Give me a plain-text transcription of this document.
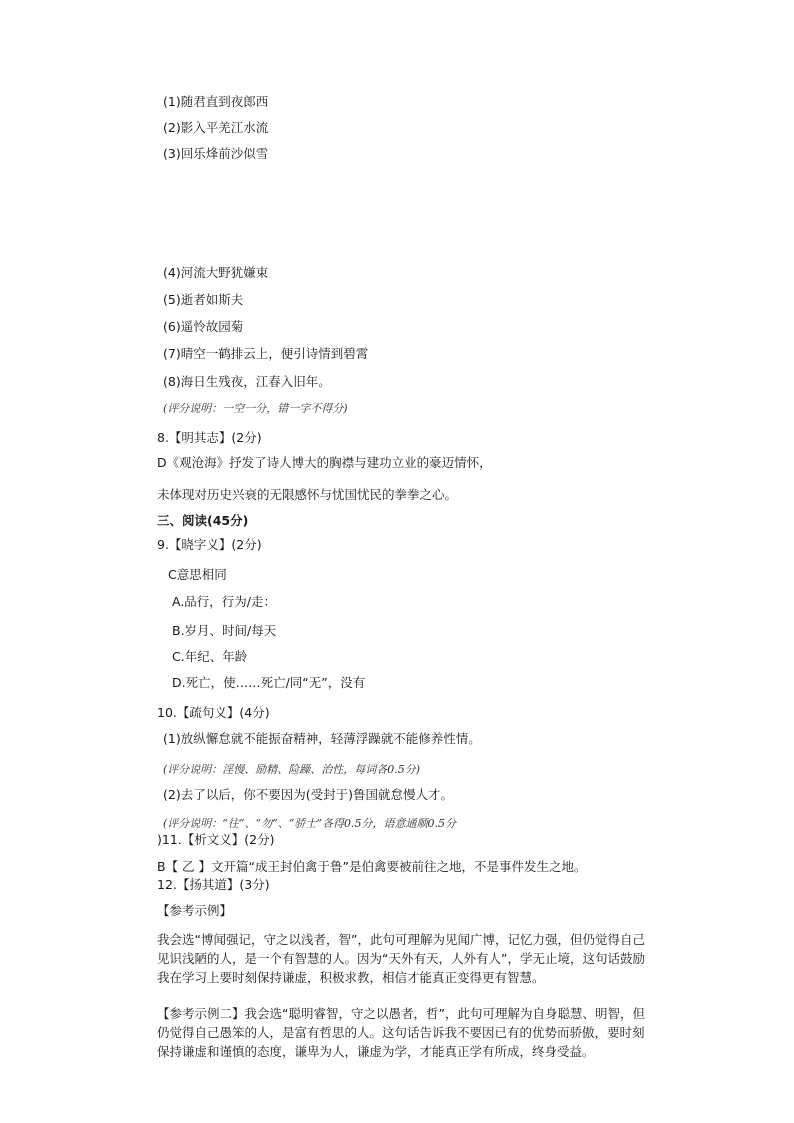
(1)随君直到夜郎西
(2)影入平羌江水流
(3)回乐烽前沙似雪
(4)河流大野犹嫌束
(5)逝者如斯夫
(6)遥怜故园菊
(7)晴空一鹤排云上，便引诗情到碧霄
(8)海日生残夜，江春入旧年。
(评分说明：一空一分，错一字不得分)
8.【明其志】(2分)
D《观沧海》抒发了诗人博大的胸襟与建功立业的豪迈情怀，
未体现对历史兴衰的无限感怀与忧国忧民的拳拳之心。
三、阅读(45分)
9.【晓字义】(2分)
C意思相同
A.品行，行为/走：
B.岁月、时间/每天
C.年纪、年龄
D.死亡，使……死亡/同“无”，没有
10.【疏句义】(4分)
(1)放纵懈怠就不能振奋精神，轻薄浮躁就不能修养性情。
(评分说明：淫慢、励精、险躁、治性，每词各0.5分)
(2)去了以后，你不要因为(受封于)鲁国就怠慢人才。
(评分说明：“往”、“勿”、“骄士”各得0.5分，语意通顺0.5分
)11.【析文义】(2分)
B【 乙 】文开篇“成王封伯禽于鲁”是伯禽要被前往之地，不是事件发生之地。
12.【扬其道】(3分)
【参考示例】
我会选“博闻强记，守之以浅者，智”，此句可理解为见闻广博，记忆力强，但仍觉得自己见识浅陋的人，是一个有智慧的人。因为“天外有天，人外有人”，学无止境，这句话鼓励我在学习上要时刻保持谦虚，积极求教，相信才能真正变得更有智慧。
【参考示例二】我会选“聪明睿智，守之以愚者，哲”，此句可理解为自身聪慧、明智，但仍觉得自己愚笨的人，是富有哲思的人。这句话告诉我不要因已有的优势而骄傲，要时刻保持谦虚和谨慎的态度，谦卑为人，谦虚为学，才能真正学有所成，终身受益。
